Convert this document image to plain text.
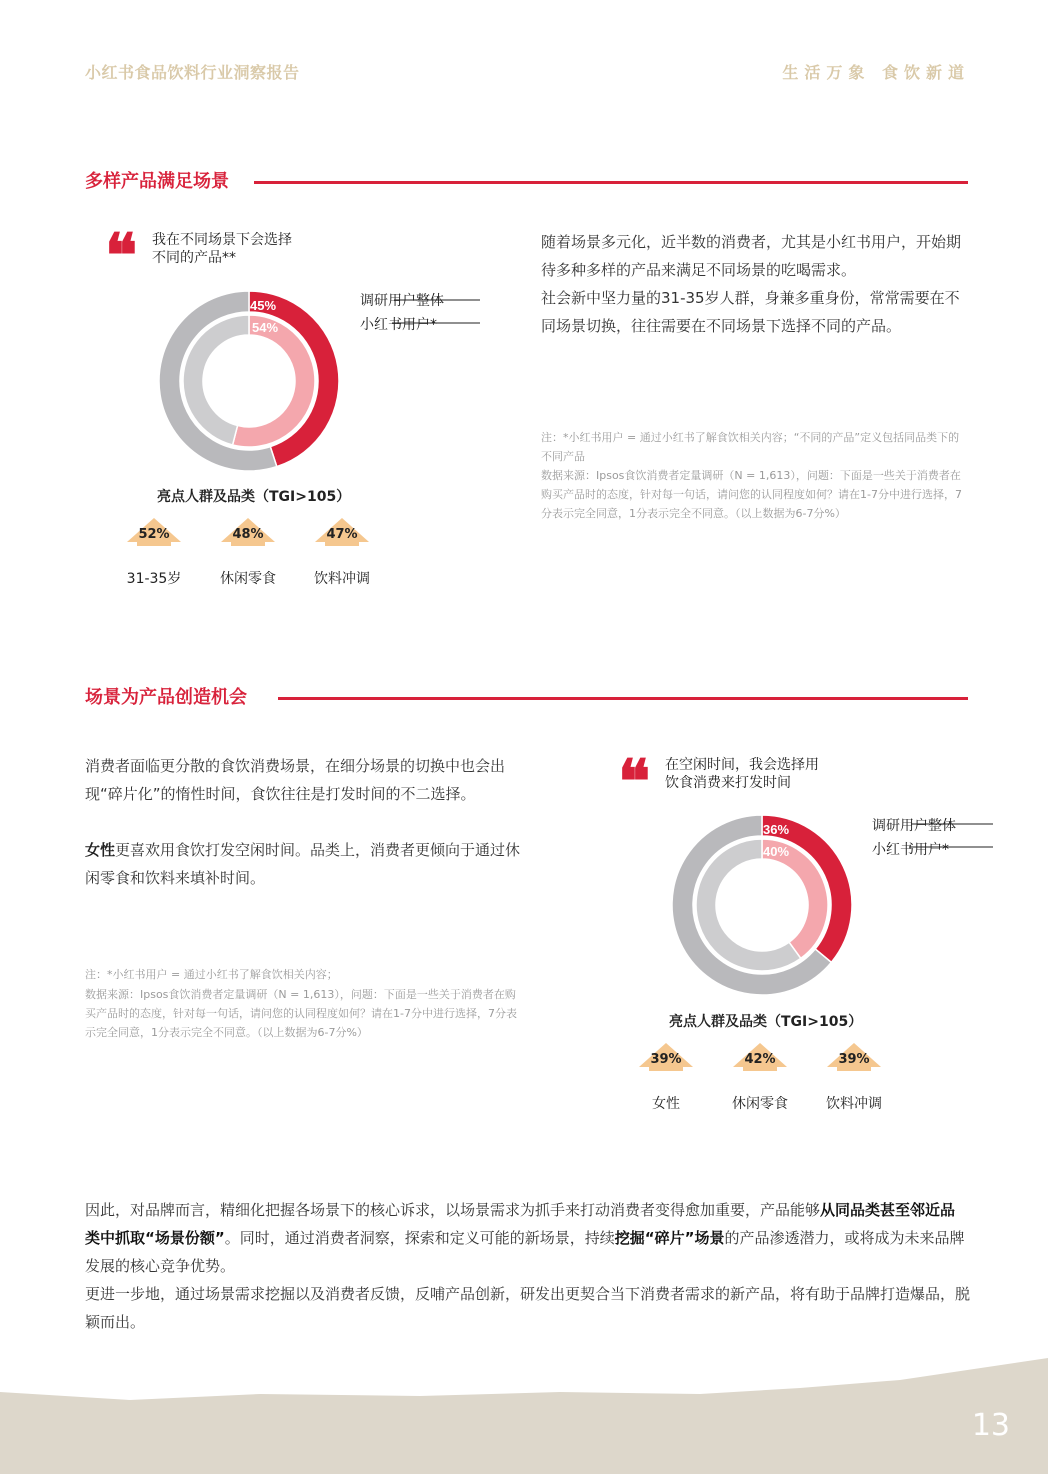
小红书食品饮料行业洞察报告	生活万象 食饮新道
多样产品满足场景
❝ 我在不同场景下会选择
不同的产品**
45%
54%
调研用户整体
小红书用户*
亮点人群及品类（TGI>105）
52%
31-35岁
48%
休闲零食
47%
饮料冲调
随着场景多元化，近半数的消费者，尤其是小红书用户，开始期待多种多样的产品来满足不同场景的吃喝需求。
社会新中坚力量的31-35岁人群，身兼多重身份，常常需要在不同场景切换，往往需要在不同场景下选择不同的产品。
注：*小红书用户 = 通过小红书了解食饮相关内容；“不同的产品”定义包括同品类下的不同产品
数据来源：Ipsos食饮消费者定量调研（N = 1,613），问题：下面是一些关于消费者在购买产品时的态度，针对每一句话，请问您的认同程度如何？请在1-7分中进行选择，7分表示完全同意，1分表示完全不同意。（以上数据为6-7分%）
场景为产品创造机会
消费者面临更分散的食饮消费场景，在细分场景的切换中也会出现“碎片化”的惰性时间，食饮往往是打发时间的不二选择。
女性更喜欢用食饮打发空闲时间。品类上，消费者更倾向于通过休闲零食和饮料来填补时间。
注：*小红书用户 = 通过小红书了解食饮相关内容；
数据来源：Ipsos食饮消费者定量调研（N = 1,613），问题：下面是一些关于消费者在购买产品时的态度，针对每一句话，请问您的认同程度如何？请在1-7分中进行选择，7分表示完全同意，1分表示完全不同意。（以上数据为6-7分%）
❝ 在空闲时间，我会选择用
饮食消费来打发时间
36%
40%
调研用户整体
小红书用户*
亮点人群及品类（TGI>105）
39%
女性
42%
休闲零食
39%
饮料冲调
因此，对品牌而言，精细化把握各场景下的核心诉求，以场景需求为抓手来打动消费者变得愈加重要，产品能够从同品类甚至邻近品类中抓取“场景份额”。同时，通过消费者洞察，探索和定义可能的新场景，持续挖掘“碎片”场景的产品渗透潜力，或将成为未来品牌发展的核心竞争优势。
更进一步地，通过场景需求挖掘以及消费者反馈，反哺产品创新，研发出更契合当下消费者需求的新产品，将有助于品牌打造爆品，脱颖而出。
13
